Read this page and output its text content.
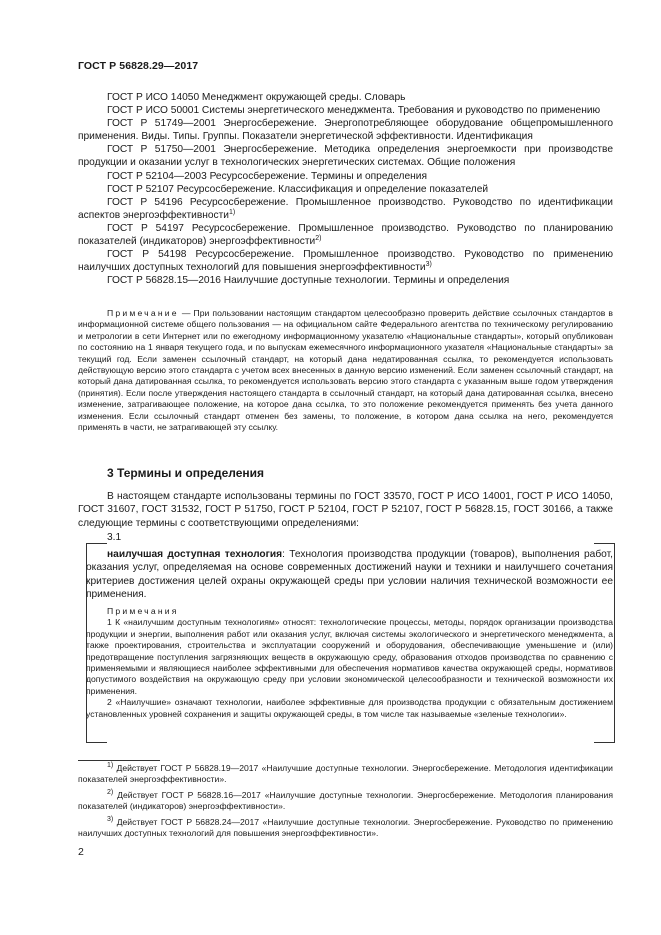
ГОСТ Р 56828.29—2017

ГОСТ Р ИСО 14050 Менеджмент окружающей среды. Словарь

ГОСТ Р ИСО 50001 Системы энергетического менеджмента. Требования и руководство по применению

ГОСТ Р 51749—2001 Энергосбережение. Энергопотребляющее оборудование общепромышленного применения. Виды. Типы. Группы. Показатели энергетической эффективности. Идентификация

ГОСТ Р 51750—2001 Энергосбережение. Методика определения энергоемкости при производстве продукции и оказании услуг в технологических энергетических системах. Общие положения

ГОСТ Р 52104—2003 Ресурсосбережение. Термины и определения

ГОСТ Р 52107 Ресурсосбережение. Классификация и определение показателей

ГОСТ Р 54196 Ресурсосбережение. Промышленное производство. Руководство по идентификации аспектов энергоэффективности$^{1)}$

ГОСТ Р 54197 Ресурсосбережение. Промышленное производство. Руководство по планированию показателей (индикаторов) энергоэффективности$^{2)}$

ГОСТ Р 54198 Ресурсосбережение. Промышленное производство. Руководство по применению наилучших доступных технологий для повышения энергоэффективности$^{3)}$

ГОСТ Р 56828.15—2016 Наилучшие доступные технологии. Термины и определения

Примечание — При пользовании настоящим стандартом целесообразно проверить действие ссылочных стандартов в информационной системе общего пользования — на официальном сайте Федерального агентства по техническому регулированию и метрологии в сети Интернет или по ежегодному информационному указателю «Национальные стандарты», который опубликован по состоянию на 1 января текущего года, и по выпускам ежемесячного информационного указателя «Национальные стандарты» за текущий год. Если заменен ссылочный стандарт, на который дана недатированная ссылка, то рекомендуется использовать действующую версию этого стандарта с учетом всех внесенных в данную версию изменений. Если заменен ссылочный стандарт, на который дана датированная ссылка, то рекомендуется использовать версию этого стандарта с указанным выше годом утверждения (принятия). Если после утверждения настоящего стандарта в ссылочный стандарт, на который дана датированная ссылка, внесено изменение, затрагивающее положение, на которое дана ссылка, то это положение рекомендуется применять без учета данного изменения. Если ссылочный стандарт отменен без замены, то положение, в котором дана ссылка на него, рекомендуется применять в части, не затрагивающей эту ссылку.

3 Термины и определения

В настоящем стандарте использованы термины по ГОСТ 33570, ГОСТ Р ИСО 14001, ГОСТ Р ИСО 14050, ГОСТ 31607, ГОСТ 31532, ГОСТ Р 51750, ГОСТ Р 52104, ГОСТ Р 52107, ГОСТ Р 56828.15, ГОСТ 30166, а также следующие термины с соответствующими определениями:

3.1

наилучшая доступная технология: Технология производства продукции (товаров), выполнения работ, оказания услуг, определяемая на основе современных достижений науки и техники и наилучшего сочетания критериев достижения целей охраны окружающей среды при условии наличия технической возможности ее применения.

Примечания

1 К «наилучшим доступным технологиям» относят: технологические процессы, методы, порядок организации производства продукции и энергии, выполнения работ или оказания услуг, включая системы экологического и энергетического менеджмента, а также проектирования, строительства и эксплуатации сооружений и оборудования, обеспечивающие уменьшение и (или) предотвращение поступления загрязняющих веществ в окружающую среду, образования отходов производства по сравнению с применяемыми и являющиеся наиболее эффективными для обеспечения нормативов качества окружающей среды, нормативов допустимого воздействия на окружающую среду при условии экономической целесообразности и технической возможности их применения.

2 «Наилучшие» означают технологии, наиболее эффективные для производства продукции с обязательным достижением установленных уровней сохранения и защиты окружающей среды, в том числе так называемые «зеленые технологии».

$^{1)}$ Действует ГОСТ Р 56828.19—2017 «Наилучшие доступные технологии. Энергосбережение. Методология идентификации показателей энергоэффективности».

$^{2)}$ Действует ГОСТ Р 56828.16—2017 «Наилучшие доступные технологии. Энергосбережение. Методология планирования показателей (индикаторов) энергоэффективности».

$^{3)}$ Действует ГОСТ Р 56828.24—2017 «Наилучшие доступные технологии. Энергосбережение. Руководство по применению наилучших доступных технологий для повышения энергоэффективности».

2
